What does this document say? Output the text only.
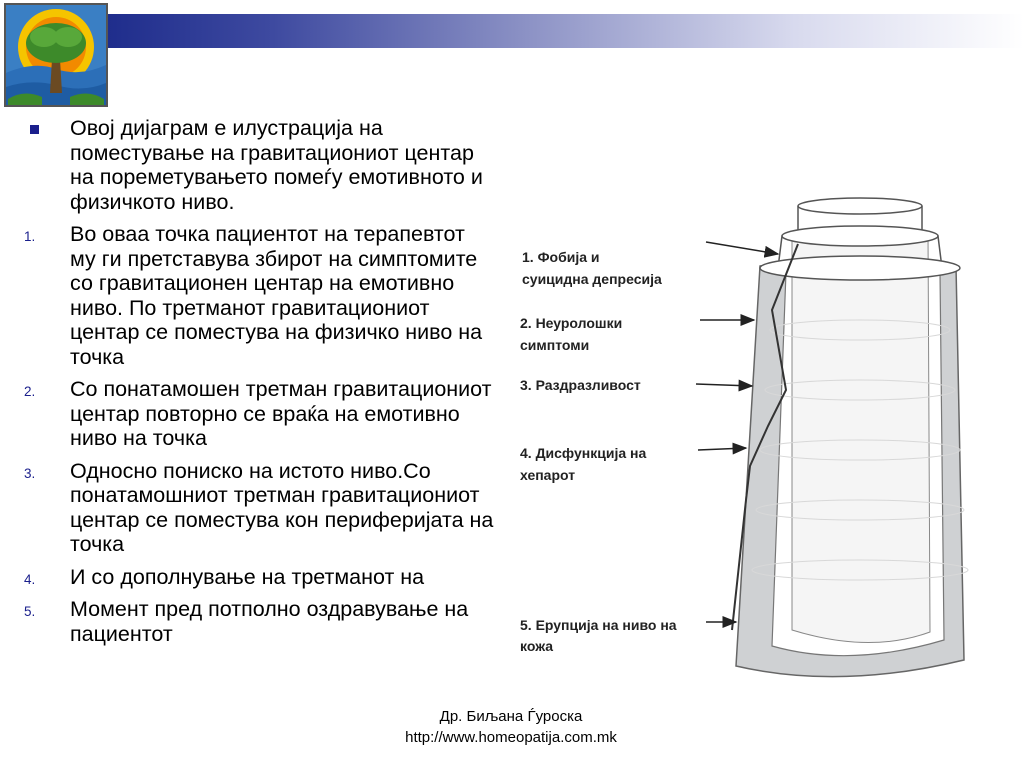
Овој дијаграм е илустрација на поместување на гравитациониот центар на пореметувањето помеѓу емотивното и физичкото ниво.
1. Во оваа точка пациентот на терапевтот му ги претставува збирот на симптомите со гравитационен центар на емотивно ниво. По третманот гравитациониот центар се поместува на физичко ниво на точка
2. Со понатамошен третман гравитациониот центар повторно се враќа на емотивно ниво на точка
3. Односно пониско на истото ниво.Со понатамошниот третман гравитациониот центар се поместува кон периферијата на точка
4. И со дополнување на третманот на
5. Момент пред потполно оздравување на пациентот
1. Фобија и
суицидна депресија
2. Неуролошки
симптоми
3. Раздразливост
4. Дисфункција на
хепарот
5. Ерупција на ниво на
кожа
Др. Биљана Ѓуроска
http://www.homeopatija.com.mk
